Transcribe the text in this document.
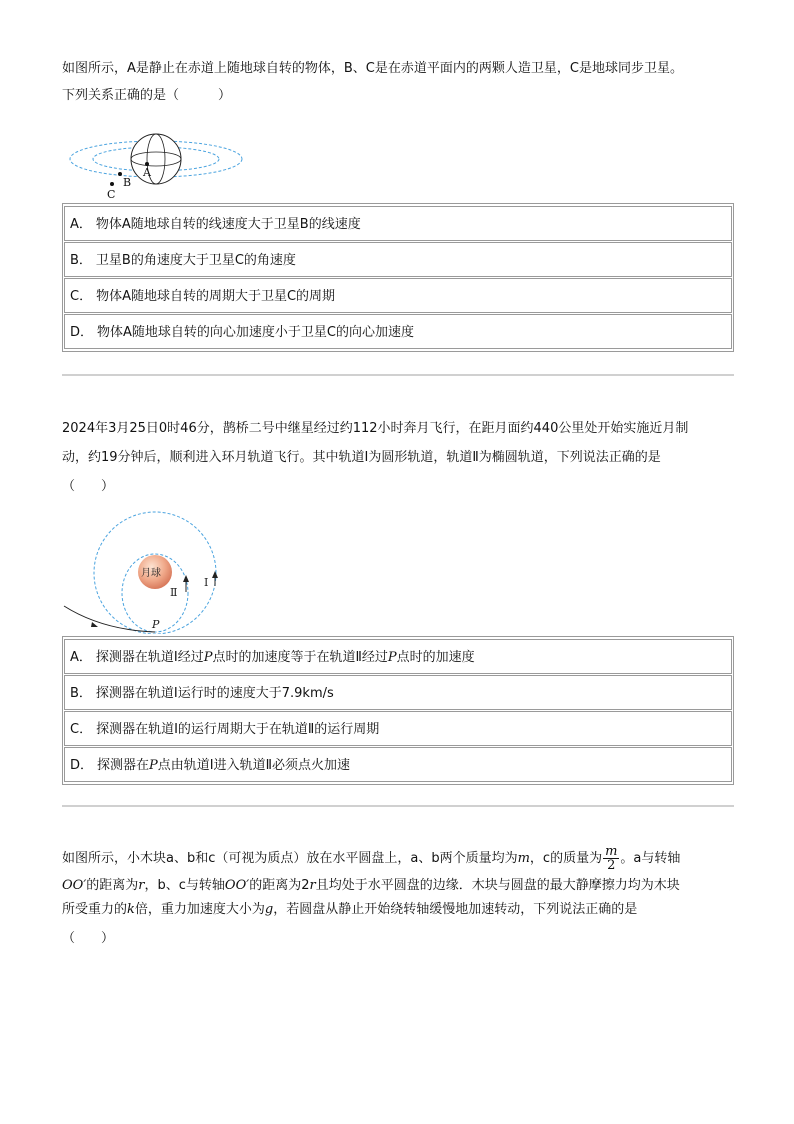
如图所示，A是静止在赤道上随地球自转的物体，B、C是在赤道平面内的两颗人造卫星，C是地球同步卫星。

下列关系正确的是（　　　）

A
B
C
A． 物体A随地球自转的线速度大于卫星B的线速度
B． 卫星B的角速度大于卫星C的角速度
C． 物体A随地球自转的周期大于卫星C的周期
D． 物体A随地球自转的向心加速度小于卫星C的向心加速度

2024年3月25日0时46分，鹊桥二号中继星经过约112小时奔月飞行，在距月面约440公里处开始实施近月制

动，约19分钟后，顺利进入环月轨道飞行。其中轨道Ⅰ为圆形轨道，轨道Ⅱ为椭圆轨道，下列说法正确的是

（　　）

月球
Ⅱ
Ⅰ
P
A． 探测器在轨道Ⅰ经过P点时的加速度等于在轨道Ⅱ经过P点时的加速度
B． 探测器在轨道Ⅰ运行时的速度大于7.9km/s
C． 探测器在轨道Ⅰ的运行周期大于在轨道Ⅱ的运行周期
D． 探测器在P点由轨道Ⅰ进入轨道Ⅱ必须点火加速

如图所示，小木块a、b和c（可视为质点）放在水平圆盘上，a、b两个质量均为m，c的质量为 $\frac{m}{2}$ 。a与转轴

OO′的距离为r，b、c与转轴OO′的距离为2r且均处于水平圆盘的边缘．木块与圆盘的最大静摩擦力均为木块

所受重力的k倍，重力加速度大小为g，若圆盘从静止开始绕转轴缓慢地加速转动，下列说法正确的是

（　　）
